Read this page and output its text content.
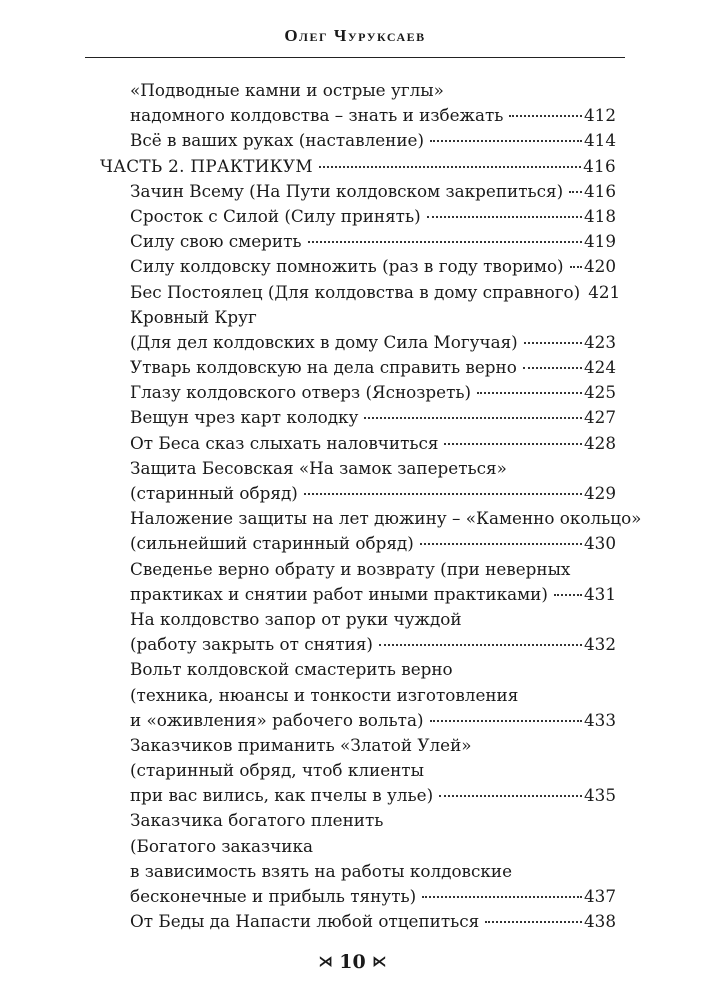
Олег Чуруксаев
«Подводные камни и острые углы»
надомного колдовства – знать и избежать	412
Всё в ваших руках (наставление)	414
ЧАСТЬ 2. ПРАКТИКУМ	416
Зачин Всему (На Пути колдовском закрепиться) 416
Сросток с Силой (Силу принять)	418
Силу свою смерить	419
Силу колдовску помножить (раз в году творимо) 420
Бес Постоялец (Для колдовства в дому справного) 421
Кровный Круг
(Для дел колдовских в дому Сила Могучая)	423
Утварь колдовскую на дела справить верно	424
Глазу колдовского отверз (Яснозреть)	425
Вещун чрез карт колодку	427
От Беса сказ слыхать наловчиться	428
Защита Бесовская «На замок запереться»
(старинный обряд)	429
Наложение защиты на лет дюжину – «Каменно окольцо»
(сильнейший старинный обряд)	430
Сведенье верно обрату и возврату (при неверных
практиках и снятии работ иными практиками) 431
На колдовство запор от руки чуждой
(работу закрыть от снятия)	432
Вольт колдовской смастерить верно
(техника, нюансы и тонкости изготовления
и «оживления» рабочего вольта)	433
Заказчиков приманить «Златой Улей»
(старинный обряд, чтоб клиенты
при вас вились, как пчелы в улье)	435
Заказчика богатого пленить
(Богатого заказчика
в зависимость взять на работы колдовские
бесконечные и прибыль тянуть)	437
От Беды да Напасти любой отцепиться	438
⋊ 10 ⋉
